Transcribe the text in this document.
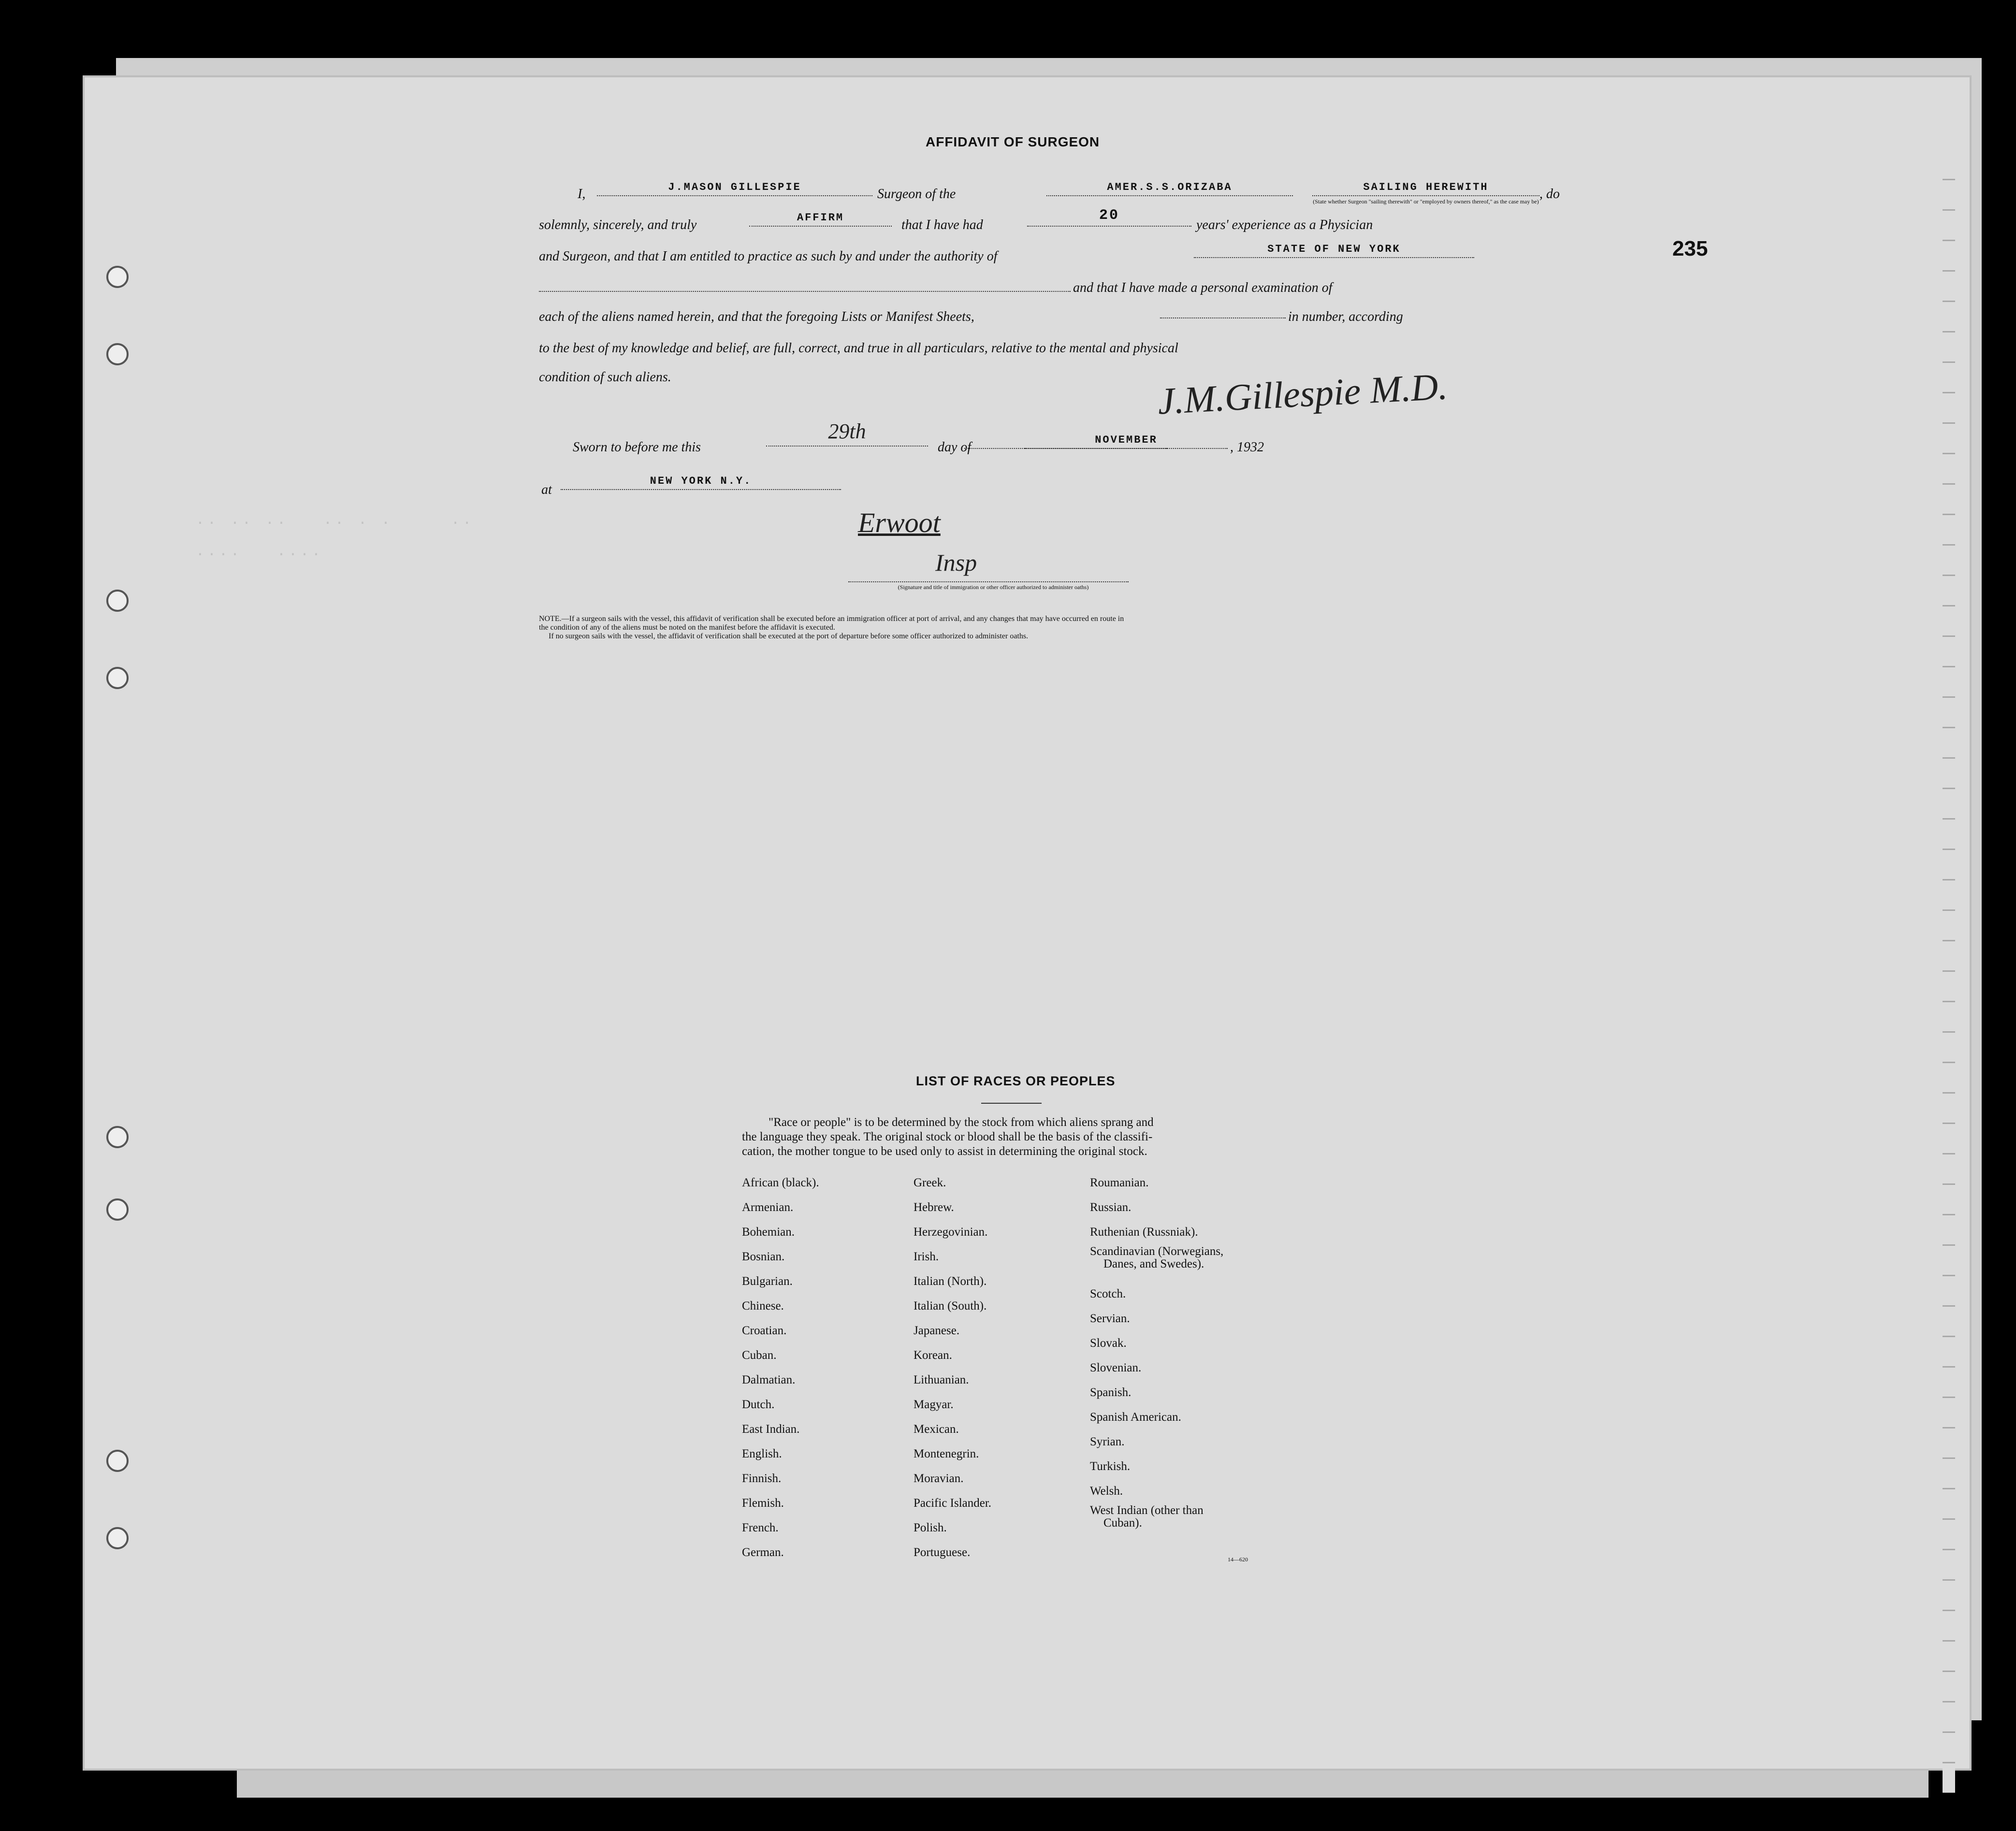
.. .. ..   .. . .     ..
....   ....
235
AFFIDAVIT OF SURGEON
I,	J.MASON GILLESPIE	Surgeon of the	AMER.S.S.ORIZABA	SAILING HEREWITH
(State whether Surgeon "sailing therewith" or "employed by owners thereof," as the case may be) , do
solemnly, sincerely, and truly	AFFIRM	that I have had
20
years' experience as a Physician
and Surgeon, and that I am entitled to practice as such by and under the authority of	STATE OF NEW YORK
and that I have made a personal examination of
each of the aliens named herein, and that the foregoing Lists or Manifest Sheets,	in number, according
to the best of my knowledge and belief, are full, correct, and true in all particulars, relative to the mental and physical
condition of such aliens.	J.M.Gillespie M.D.
Sworn to before me this
29th
day of	NOVEMBER	, 1932
at
NEW YORK N.Y.
Erwoot
Insp
(Signature and title of immigration or other officer authorized to administer oaths)
NOTE.—If a surgeon sails with the vessel, this affidavit of verification shall be executed before an immigration officer at port of arrival, and any changes that may have occurred en route in
the condition of any of the aliens must be noted on the manifest before the affidavit is executed.
If no surgeon sails with the vessel, the affidavit of verification shall be executed at the port of departure before some officer authorized to administer oaths.
LIST OF RACES OR PEOPLES
"Race or people" is to be determined by the stock from which aliens sprang and
the language they speak. The original stock or blood shall be the basis of the classifi-
cation, the mother tongue to be used only to assist in determining the original stock.
African (black).
Armenian.
Bohemian.
Bosnian.
Bulgarian.
Chinese.
Croatian.
Cuban.
Dalmatian.
Dutch.
East Indian.
English.
Finnish.
Flemish.
French.
German.
Greek.
Hebrew.
Herzegovinian.
Irish.
Italian (North).
Italian (South).
Japanese.
Korean.
Lithuanian.
Magyar.
Mexican.
Montenegrin.
Moravian.
Pacific Islander.
Polish.
Portuguese.
Roumanian.
Russian.
Ruthenian (Russniak).
Scandinavian (Norwegians,
Danes, and Swedes).
Scotch.
Servian.
Slovak.
Slovenian.
Spanish.
Spanish American.
Syrian.
Turkish.
Welsh.
West Indian (other than
Cuban).
14—620
